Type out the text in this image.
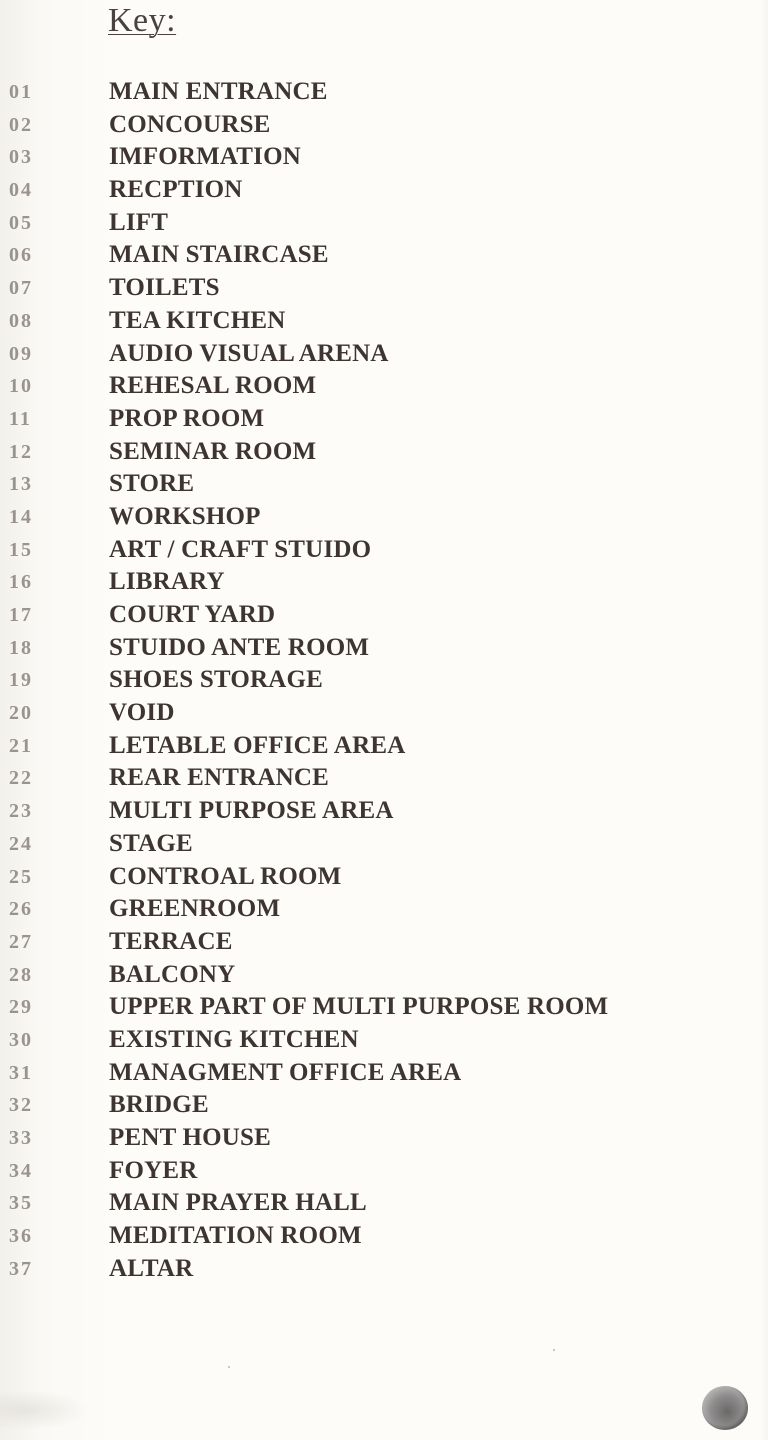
Key:
01	MAIN ENTRANCE
02	CONCOURSE
03	IMFORMATION
04	RECPTION
05	LIFT
06	MAIN STAIRCASE
07	TOILETS
08	TEA KITCHEN
09	AUDIO VISUAL ARENA
10	REHESAL ROOM
11	PROP ROOM
12	SEMINAR ROOM
13	STORE
14	WORKSHOP
15	ART / CRAFT STUIDO
16	LIBRARY
17	COURT YARD
18	STUIDO ANTE ROOM
19	SHOES STORAGE
20	VOID
21	LETABLE OFFICE AREA
22	REAR ENTRANCE
23	MULTI PURPOSE AREA
24	STAGE
25	CONTROAL ROOM
26	GREENROOM
27	TERRACE
28	BALCONY
29	UPPER PART OF MULTI PURPOSE ROOM
30	EXISTING KITCHEN
31	MANAGMENT OFFICE AREA
32	BRIDGE
33	PENT HOUSE
34	FOYER
35	MAIN PRAYER HALL
36	MEDITATION ROOM
37	ALTAR
